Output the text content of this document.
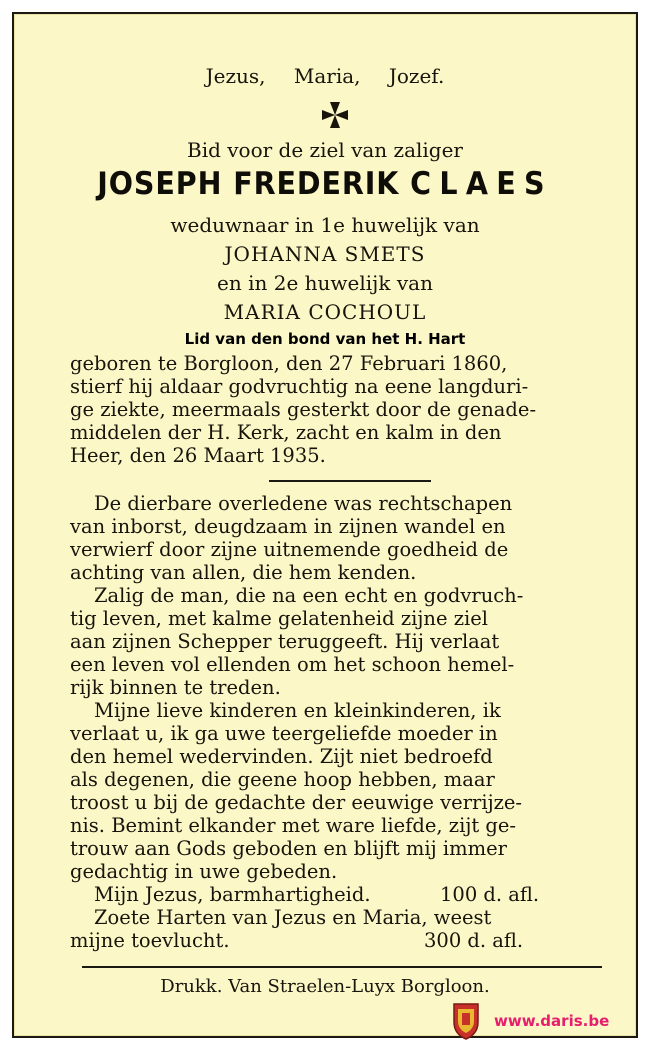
Jezus, Maria, Jozef.
Bid voor de ziel van zaliger
JOSEPH FREDERIK CLAES
weduwnaar in 1e huwelijk van
JOHANNA SMETS
en in 2e huwelijk van
MARIA COCHOUL
Lid van den bond van het H. Hart
geboren te Borgloon, den 27 Februari 1860,
stierf hij aldaar godvruchtig na eene langduri-
ge ziekte, meermaals gesterkt door de genade-
middelen der H. Kerk, zacht en kalm in den
Heer, den 26 Maart 1935.
De dierbare overledene was rechtschapen
van inborst, deugdzaam in zijnen wandel en
verwierf door zijne uitnemende goedheid de
achting van allen, die hem kenden.
Zalig de man, die na een echt en godvruch-
tig leven, met kalme gelatenheid zijne ziel
aan zijnen Schepper teruggeeft. Hij verlaat
een leven vol ellenden om het schoon hemel-
rijk binnen te treden.
Mijne lieve kinderen en kleinkinderen, ik
verlaat u, ik ga uwe teergeliefde moeder in
den hemel wedervinden. Zijt niet bedroefd
als degenen, die geene hoop hebben, maar
troost u bij de gedachte der eeuwige verrijze-
nis. Bemint elkander met ware liefde, zijt ge-
trouw aan Gods geboden en blijft mij immer
gedachtig in uwe gebeden.
Mijn Jezus, barmhartigheid.	100 d. afl.
Zoete Harten van Jezus en Maria, weest
mijne toevlucht.	300 d. afl.
Drukk. Van Straelen-Luyx Borgloon.
www.daris.be
